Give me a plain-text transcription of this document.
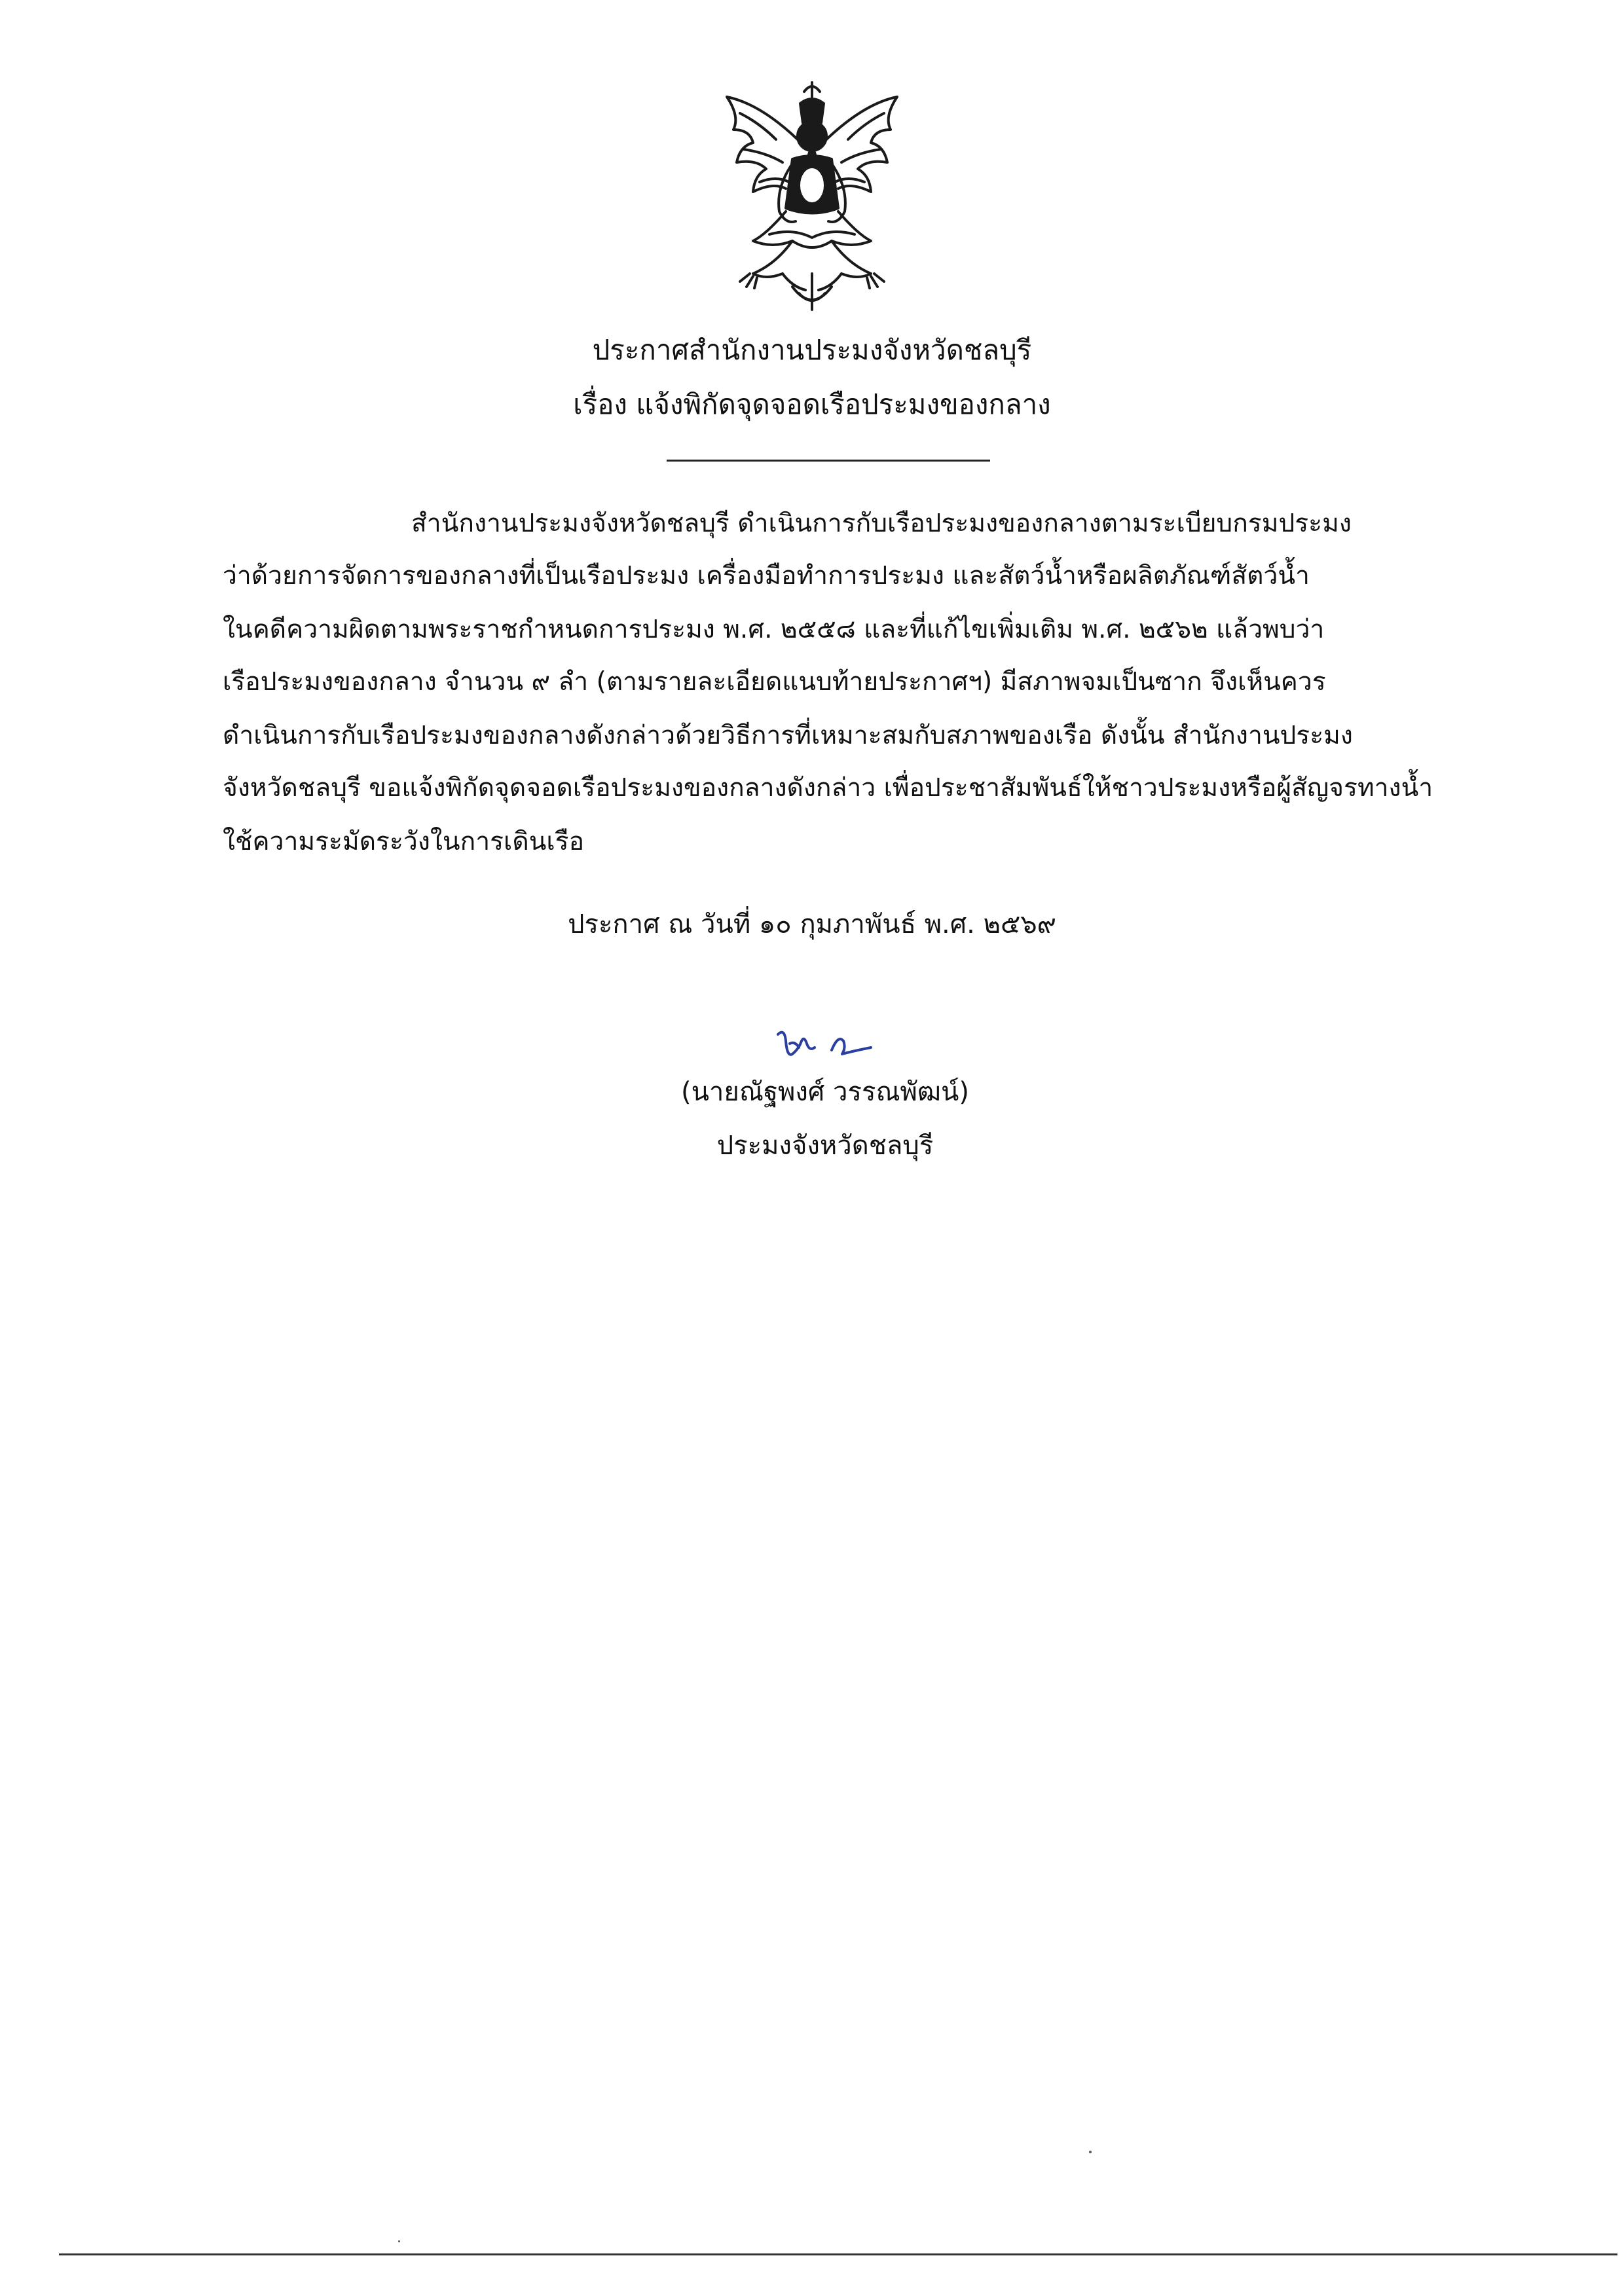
ประกาศสำนักงานประมงจังหวัดชลบุรี
เรื่อง แจ้งพิกัดจุดจอดเรือประมงของกลาง
สำนักงานประมงจังหวัดชลบุรี ดำเนินการกับเรือประมงของกลางตามระเบียบกรมประมง
ว่าด้วยการจัดการของกลางที่เป็นเรือประมง เครื่องมือทำการประมง และสัตว์น้ำหรือผลิตภัณฑ์สัตว์น้ำ
ในคดีความผิดตามพระราชกำหนดการประมง พ.ศ. ๒๕๕๘ และที่แก้ไขเพิ่มเติม พ.ศ. ๒๕๖๒ แล้วพบว่า
เรือประมงของกลาง จำนวน ๙ ลำ (ตามรายละเอียดแนบท้ายประกาศฯ) มีสภาพจมเป็นซาก จึงเห็นควร
ดำเนินการกับเรือประมงของกลางดังกล่าวด้วยวิธีการที่เหมาะสมกับสภาพของเรือ ดังนั้น สำนักงานประมง
จังหวัดชลบุรี ขอแจ้งพิกัดจุดจอดเรือประมงของกลางดังกล่าว เพื่อประชาสัมพันธ์ให้ชาวประมงหรือผู้สัญจรทางน้ำ
ใช้ความระมัดระวังในการเดินเรือ
ประกาศ ณ วันที่ ๑๐ กุมภาพันธ์ พ.ศ. ๒๕๖๙
(นายณัฐพงศ์ วรรณพัฒน์)
ประมงจังหวัดชลบุรี
